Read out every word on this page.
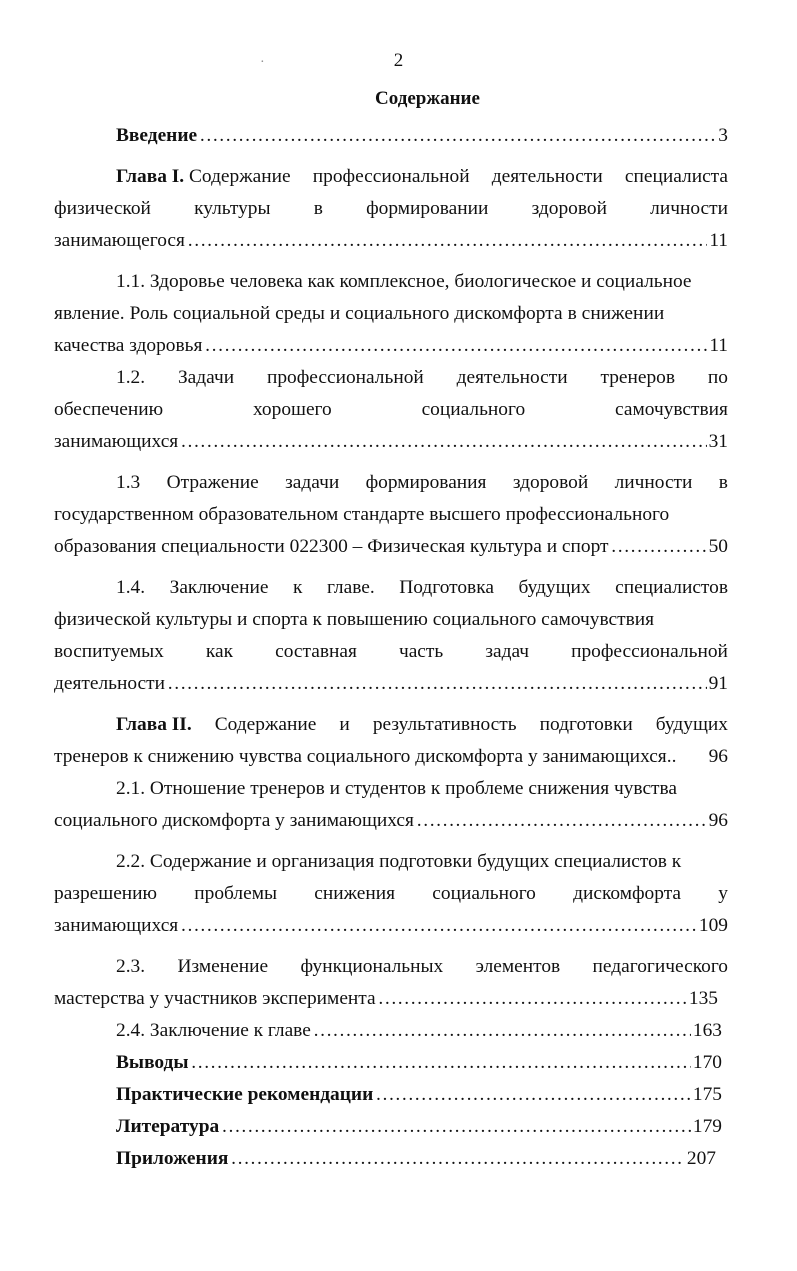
2
Содержание
·
Введение …………………………………………………………………………………………………………………………………	3
Глава I. Содержание профессиональной деятельности специалиста
физической культуры в формировании здоровой личности
занимающегося …………………………………………………………………………………………………………………………………	11
1.1. Здоровье человека как комплексное, биологическое и социальное
явление. Роль социальной среды и социального дискомфорта в снижении
качества здоровья …………………………………………………………………………………………………………………………………	11
1.2. Задачи профессиональной деятельности тренеров по
обеспечению	хорошего	социального	самочувствия
занимающихся …………………………………………………………………………………………………………………………………	31
1.3 Отражение задачи формирования здоровой личности в
государственном образовательном стандарте высшего профессионального
образования специальности 022300 – Физическая культура и спорт …………………………………………………………………………………………………………………………………	50
1.4. Заключение к главе. Подготовка будущих специалистов
физической культуры и спорта к повышению социального самочувствия
воспитуемых как составная часть задач профессиональной
деятельности …………………………………………………………………………………………………………………………………	91
Глава II. Содержание и результативность подготовки будущих
тренеров к снижению чувства социального дискомфорта у занимающихся.. 96
2.1. Отношение тренеров и студентов к проблеме снижения чувства
социального дискомфорта у занимающихся …………………………………………………………………………………………………………………………………	96
2.2. Содержание и организация подготовки будущих специалистов к
разрешению проблемы снижения социального дискомфорта у
занимающихся …………………………………………………………………………………………………………………………………	109
2.3. Изменение функциональных элементов педагогического
мастерства у участников эксперимента …………………………………………………………………………………………………………………………………	135
2.4. Заключение к главе …………………………………………………………………………………………………………………………………	163
Выводы …………………………………………………………………………………………………………………………………	170
Практические рекомендации …………………………………………………………………………………………………………………………………	175
Литература …………………………………………………………………………………………………………………………………	179
Приложения …………………………………………………………………………………………………………………………………	207
